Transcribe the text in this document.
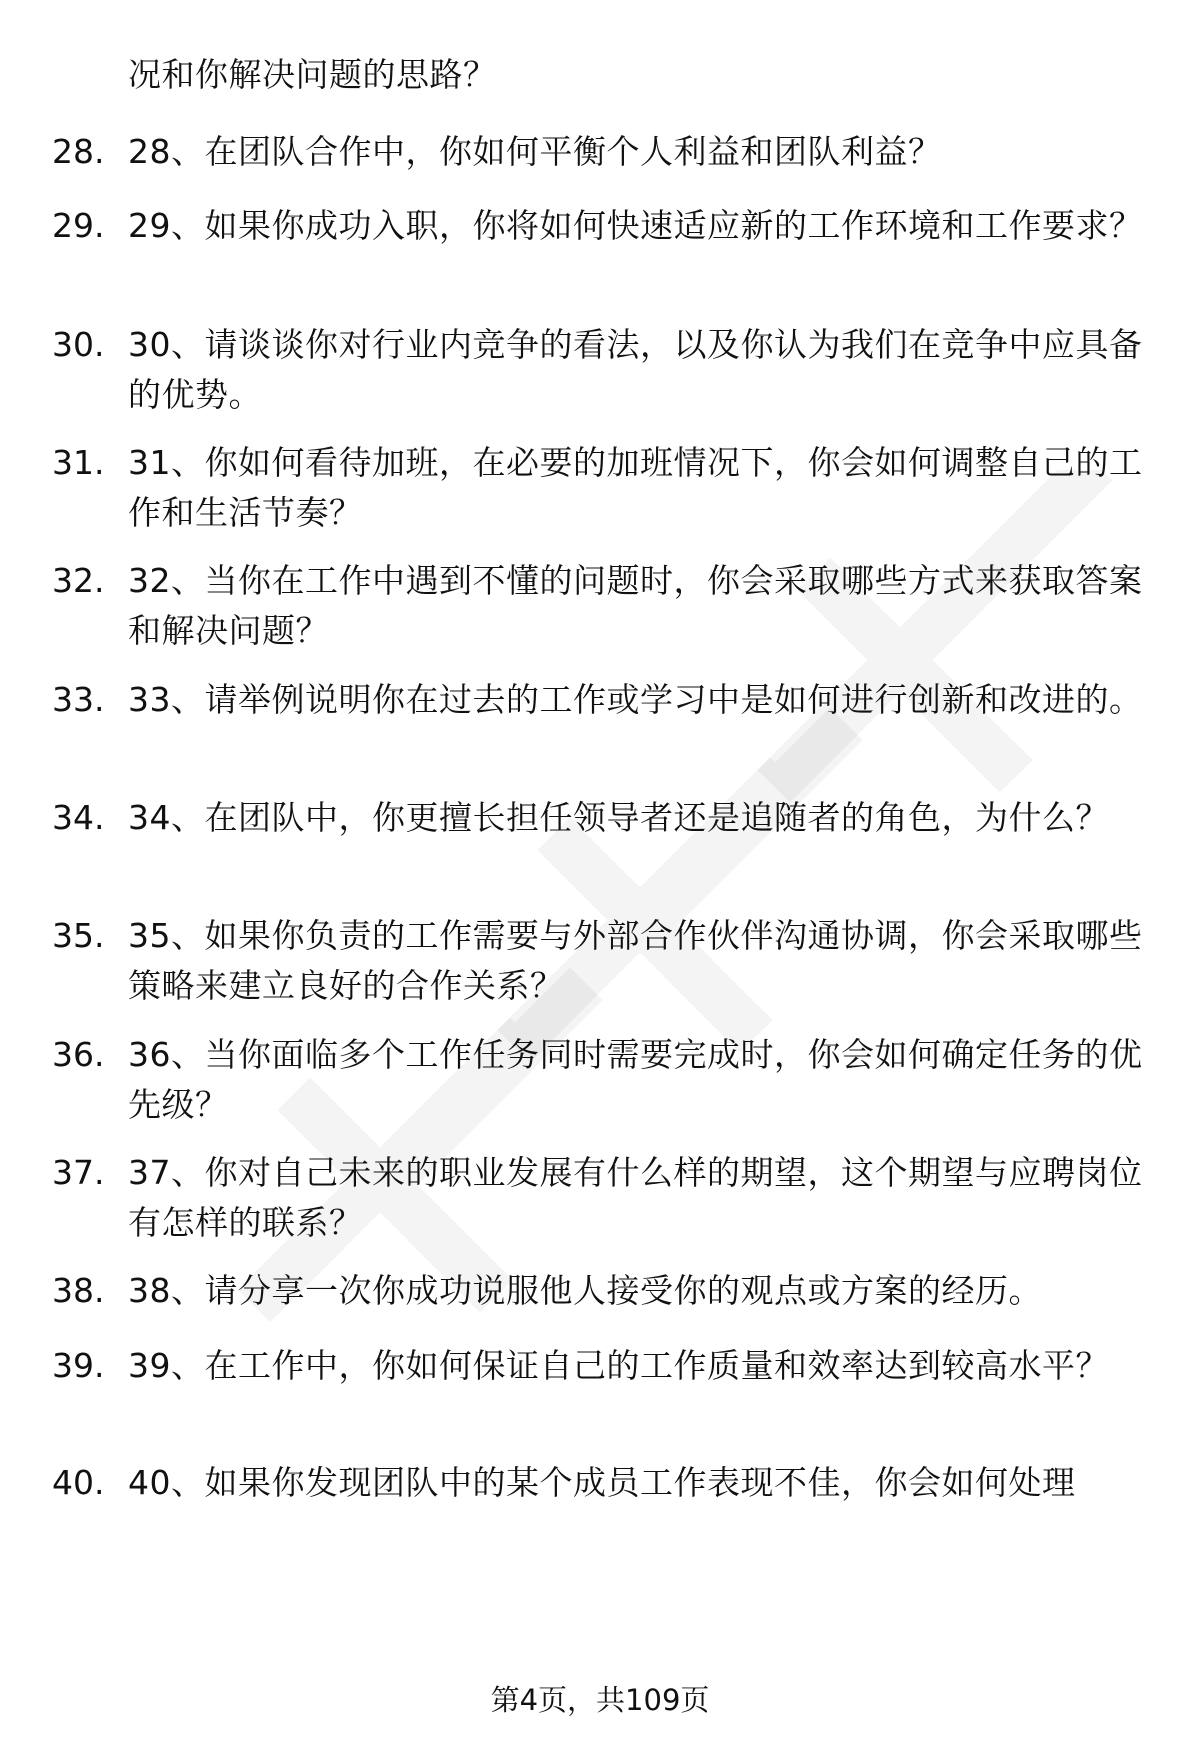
况和你解决问题的思路？
28. 28、在团队合作中，你如何平衡个人利益和团队利益？
29. 29、如果你成功入职，你将如何快速适应新的工作环境和工作要求？
30. 30、请谈谈你对行业内竞争的看法，以及你认为我们在竞争中应具备的优势。
31. 31、你如何看待加班，在必要的加班情况下，你会如何调整自己的工作和生活节奏？
32. 32、当你在工作中遇到不懂的问题时，你会采取哪些方式来获取答案和解决问题？
33. 33、请举例说明你在过去的工作或学习中是如何进行创新和改进的。
34. 34、在团队中，你更擅长担任领导者还是追随者的角色，为什么？
35. 35、如果你负责的工作需要与外部合作伙伴沟通协调，你会采取哪些策略来建立良好的合作关系？
36. 36、当你面临多个工作任务同时需要完成时，你会如何确定任务的优先级？
37. 37、你对自己未来的职业发展有什么样的期望，这个期望与应聘岗位有怎样的联系？
38. 38、请分享一次你成功说服他人接受你的观点或方案的经历。
39. 39、在工作中，你如何保证自己的工作质量和效率达到较高水平？
40. 40、如果你发现团队中的某个成员工作表现不佳，你会如何处理
第4页，共109页
